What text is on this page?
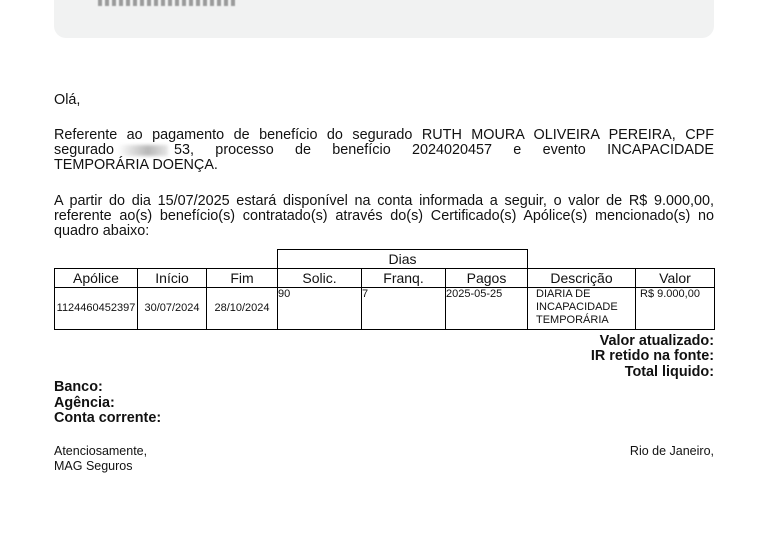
Olá,
Referente ao pagamento de benefício do segurado RUTH MOURA OLIVEIRA PEREIRA, CPF
segurado	53, processo de benefício 2024020457 e evento INCAPACIDADE
TEMPORÁRIA DOENÇA.
A partir do dia 15/07/2025 estará disponível na conta informada a seguir, o valor de R$ 9.000,00,
referente ao(s) benefício(s) contratado(s) através do(s) Certificado(s) Apólice(s) mencionado(s) no
quadro abaixo:
			Dias				
Apólice	Início	Fim	Solic.	Franq.	Pagos	Descrição	Valor
1124460452397	30/07/2024	28/10/2024	90	7	2025-05-25	DIARIA DE
INCAPACIDADE
TEMPORÁRIA	R$ 9.000,00
Valor atualizado:
IR retido na fonte:
Total liquido:
Banco:
Agência:
Conta corrente:
Atenciosamente,
MAG Seguros
Rio de Janeiro,
